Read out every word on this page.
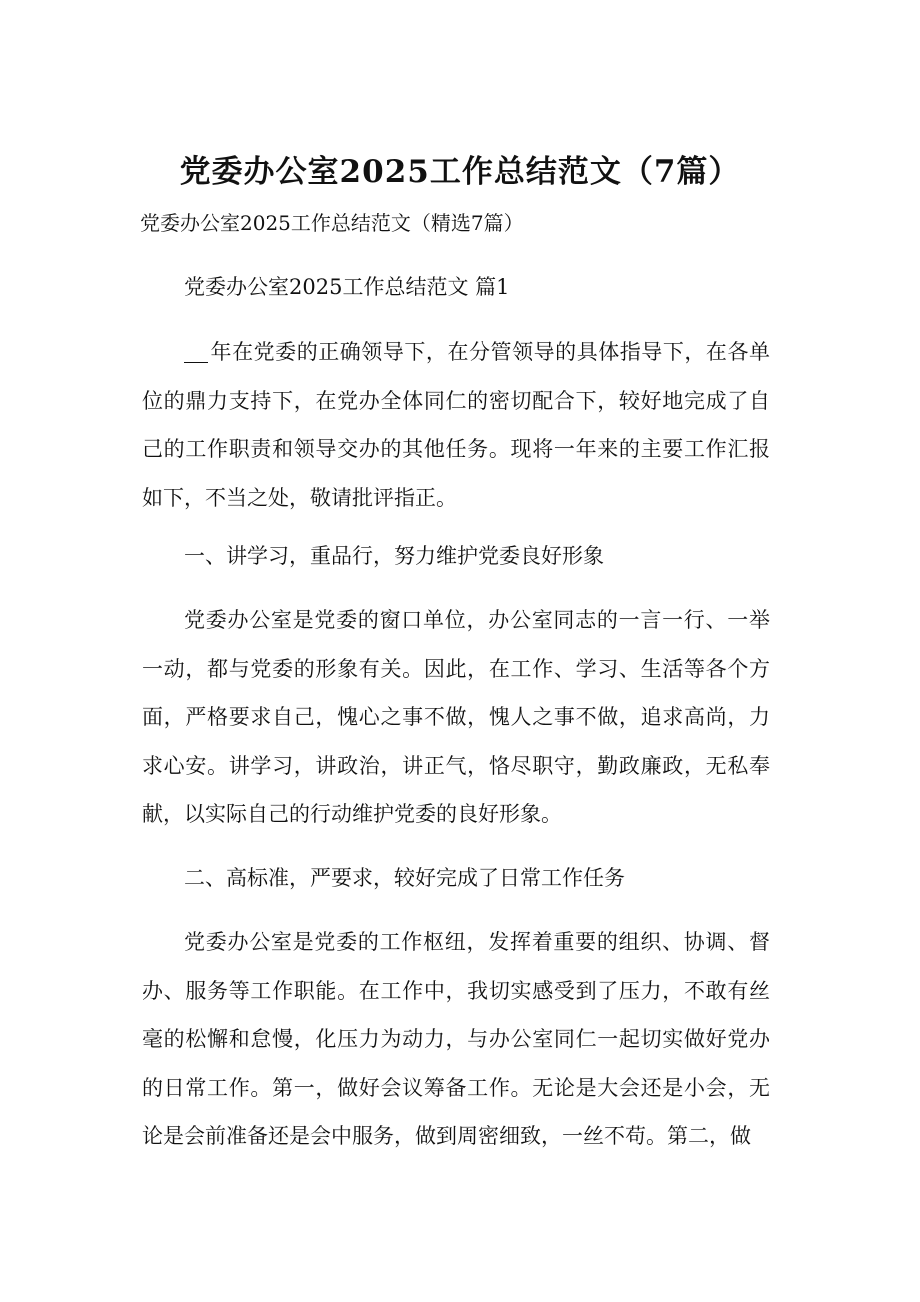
党委办公室2025工作总结范文（7篇）
党委办公室2025工作总结范文（精选7篇）
党委办公室2025工作总结范文 篇1
年在党委的正确领导下，在分管领导的具体指导下，在各单位的鼎力支持下，在党办全体同仁的密切配合下，较好地完成了自己的工作职责和领导交办的其他任务。现将一年来的主要工作汇报如下，不当之处，敬请批评指正。
一、讲学习，重品行，努力维护党委良好形象
党委办公室是党委的窗口单位，办公室同志的一言一行、一举一动，都与党委的形象有关。因此，在工作、学习、生活等各个方面，严格要求自己，愧心之事不做，愧人之事不做，追求高尚，力求心安。讲学习，讲政治，讲正气，恪尽职守，勤政廉政，无私奉献，以实际自己的行动维护党委的良好形象。
二、高标准，严要求，较好完成了日常工作任务
党委办公室是党委的工作枢纽，发挥着重要的组织、协调、督办、服务等工作职能。在工作中，我切实感受到了压力，不敢有丝毫的松懈和怠慢，化压力为动力，与办公室同仁一起切实做好党办的日常工作。第一，做好会议筹备工作。无论是大会还是小会，无论是会前准备还是会中服务，做到周密细致，一丝不苟。第二，做
